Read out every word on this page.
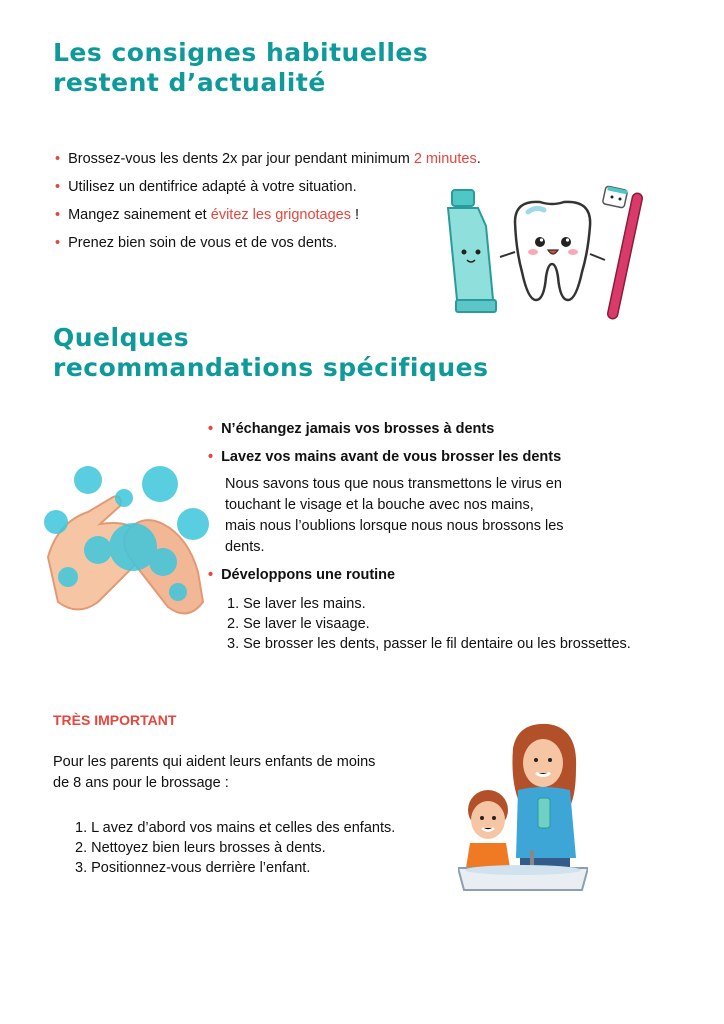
Les consignes habituelles
restent d’actualité
• Brossez-vous les dents 2x par jour pendant minimum 2 minutes.
• Utilisez un dentifrice adapté à votre situation.
• Mangez sainement et évitez les grignotages !
• Prenez bien soin de vous et de vos dents.
Quelques
recommandations spécifiques
• N’échangez jamais vos brosses à dents
• Lavez vos mains avant de vous brosser les dents
Nous savons tous que nous transmettons le virus en
touchant le visage et la bouche avec nos mains,
mais nous l’oublions lorsque nous nous brossons les
dents.
• Développons une routine
1. Se laver les mains.
2. Se laver le visaage.
3. Se brosser les dents, passer le fil dentaire ou les brossettes.
TRÈS IMPORTANT
Pour les parents qui aident leurs enfants de moins
de 8 ans pour le brossage :
1. L avez d’abord vos mains et celles des enfants.
2. Nettoyez bien leurs brosses à dents.
3. Positionnez-vous derrière l’enfant.
